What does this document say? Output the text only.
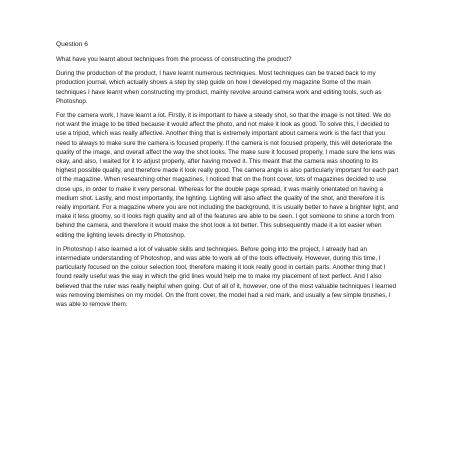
Question 6

What have you learnt about techniques from the process of constructing the product?

During the production of the product, I have learnt numerous techniques. Most techniques can be traced back to my production journal, which actually shows a step by step guide on how I developed my magazine Some of the main techniques I have learnt when constructing my product, mainly revolve around camera work and editing tools, such as Photoshop.

For the camera work, I have learnt a lot. Firstly, it is important to have a steady shot, so that the image is not tilted. We do not want the image to be titled because it would affect the photo, and not make it look as good. To solve this, I decided to use a tripod, which was really affective. Another thing that is extremely important about camera work is the fact that you need to always to make sure the camera is focused properly. If the camera is not focused properly, this will deteriorate the quality of the image, and overall affect the way the shot looks. The make sure it focused properly, I made sure the lens was okay, and also, I waited for it to adjust properly, after having moved it. This meant that the camera was shooting to its highest possible quality, and therefore made it look really good. The camera angle is also particularly important for each part of the magazine. When researching other magazines, I noticed that on the front cover, lots of magazines decided to use close ups, in order to make it very personal. Whereas for the double page spread, it was mainly orientated on having a medium shot. Lastly, and most importantly, the lighting. Lighting will also affect the quality of the shot, and therefore it is really important. For a magazine where you are not including the background, It is usually better to have a brighter light, and make it less gloomy, so it looks high quality and all of the features are able to be seen. I got someone to shine a torch from behind the camera, and therefore it would make the shot look a lot better. This subsequently made it a lot easier when editing the lighting levels directly in Photoshop.

In Photoshop I also learned a lot of valuable skills and techniques. Before going into the project, I already had an intermediate understanding of Photoshop, and was able to work all of the tools effectively. However, during this time, I particularly focused on the colour selection tool, therefore making it look really good in certain parts. Another thing that I found really useful was the way in which the grid lines would help me to make my placement of text perfect. And I also believed that the ruler was really helpful when going. Out of all of it, however, one of the most valuable techniques I learned was removing blemishes on my model. On the front cover, the model had a red mark, and usually a few simple brushes, I was able to remove them.
